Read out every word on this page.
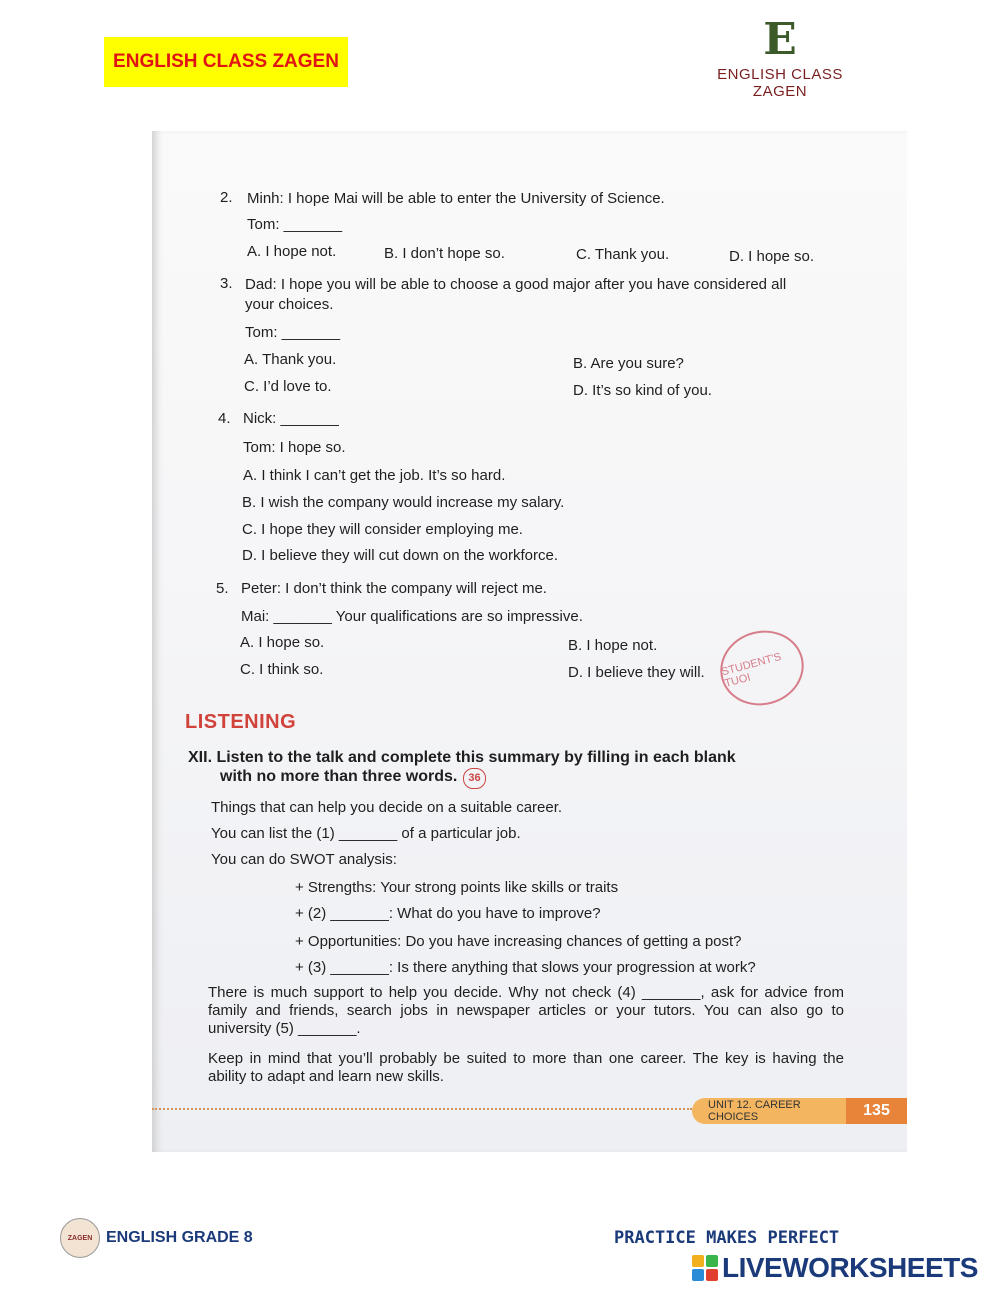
ENGLISH CLASS ZAGEN	E
ENGLISH CLASS ZAGEN
2. Minh: I hope Mai will be able to enter the University of Science.
Tom: _______
A. I hope not.	B. I don’t hope so.	C. Thank you.	D. I hope so.
3. Dad: I hope you will be able to choose a good major after you have considered all
your choices.
Tom: _______
A. Thank you.	B. Are you sure?
C. I’d love to.	D. It’s so kind of you.
4. Nick: _______
Tom: I hope so.
A. I think I can’t get the job. It’s so hard.
B. I wish the company would increase my salary.
C. I hope they will consider employing me.
D. I believe they will cut down on the workforce.
5. Peter: I don’t think the company will reject me.
Mai: _______ Your qualifications are so impressive.
A. I hope so.	B. I hope not.
C. I think so.	D. I believe they will. STUDENT'S TUOI
LISTENING
XII. Listen to the talk and complete this summary by filling in each blank
with no more than three words. 36
Things that can help you decide on a suitable career.
You can list the (1) _______ of a particular job.
You can do SWOT analysis:
+ Strengths: Your strong points like skills or traits
+ (2) _______: What do you have to improve?
+ Opportunities: Do you have increasing chances of getting a post?
+ (3) _______: Is there anything that slows your progression at work?
There is much support to help you decide. Why not check (4) _______, ask for advice from family and friends, search jobs in newspaper articles or your tutors. You can also go to university (5) _______.
Keep in mind that you’ll probably be suited to more than one career. The key is having the ability to adapt and learn new skills.
UNIT 12. CAREER CHOICES	135
ZAGEN ENGLISH GRADE 8	PRACTICE MAKES PERFECT
LIVEWORKSHEETS
